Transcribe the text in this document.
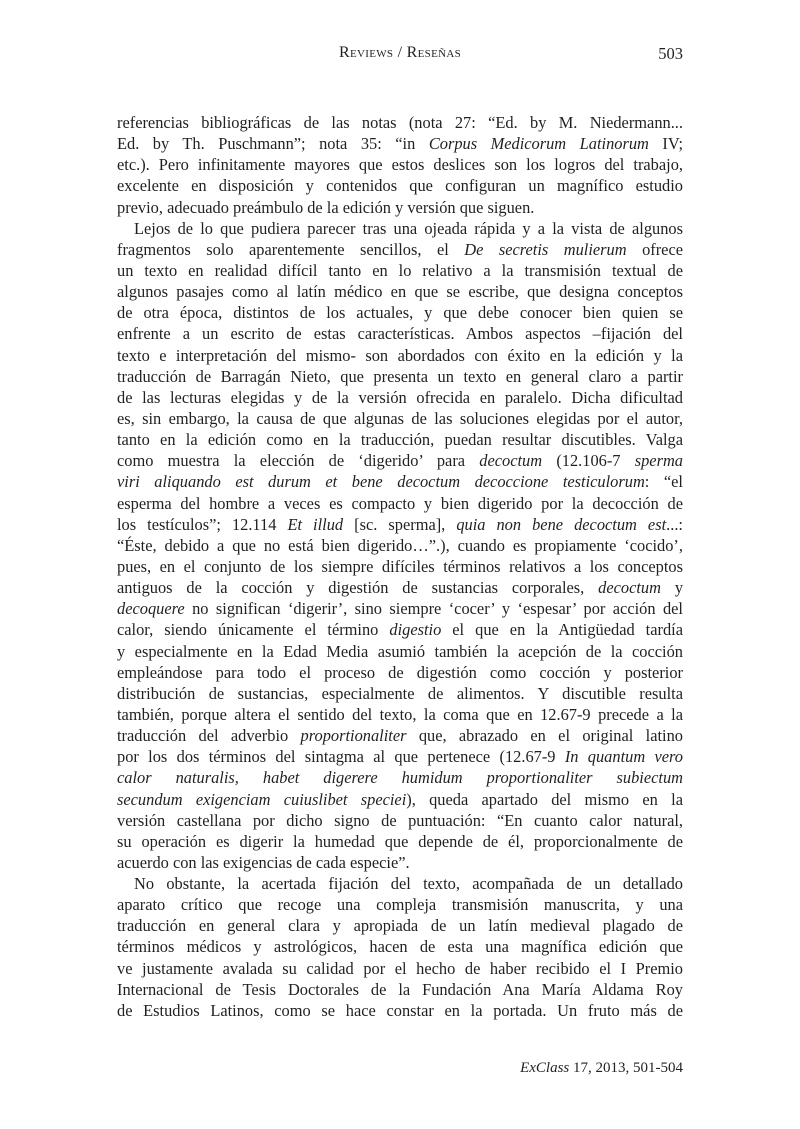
Reviews / Reseñas	503
referencias bibliográficas de las notas (nota 27: “Ed. by M. Niedermann...
Ed. by Th. Puschmann”; nota 35: “in Corpus Medicorum Latinorum IV;
etc.). Pero infinitamente mayores que estos deslices son los logros del trabajo,
excelente en disposición y contenidos que configuran un magnífico estudio
previo, adecuado preámbulo de la edición y versión que siguen.
Lejos de lo que pudiera parecer tras una ojeada rápida y a la vista de algunos
fragmentos solo aparentemente sencillos, el De secretis mulierum ofrece
un texto en realidad difícil tanto en lo relativo a la transmisión textual de
algunos pasajes como al latín médico en que se escribe, que designa conceptos
de otra época, distintos de los actuales, y que debe conocer bien quien se
enfrente a un escrito de estas características. Ambos aspectos –fijación del
texto e interpretación del mismo- son abordados con éxito en la edición y la
traducción de Barragán Nieto, que presenta un texto en general claro a partir
de las lecturas elegidas y de la versión ofrecida en paralelo. Dicha dificultad
es, sin embargo, la causa de que algunas de las soluciones elegidas por el autor,
tanto en la edición como en la traducción, puedan resultar discutibles. Valga
como muestra la elección de ‘digerido’ para decoctum (12.106-7 sperma
viri aliquando est durum et bene decoctum decoccione testiculorum: “el
esperma del hombre a veces es compacto y bien digerido por la decocción de
los testículos”; 12.114 Et illud [sc. sperma], quia non bene decoctum est...:
“Éste, debido a que no está bien digerido…”.), cuando es propiamente ‘cocido’,
pues, en el conjunto de los siempre difíciles términos relativos a los conceptos
antiguos de la cocción y digestión de sustancias corporales, decoctum y
decoquere no significan ‘digerir’, sino siempre ‘cocer’ y ‘espesar’ por acción del
calor, siendo únicamente el término digestio el que en la Antigüedad tardía
y especialmente en la Edad Media asumió también la acepción de la cocción
empleándose para todo el proceso de digestión como cocción y posterior
distribución de sustancias, especialmente de alimentos. Y discutible resulta
también, porque altera el sentido del texto, la coma que en 12.67-9 precede a la
traducción del adverbio proportionaliter que, abrazado en el original latino
por los dos términos del sintagma al que pertenece (12.67-9 In quantum vero
calor naturalis, habet digerere humidum proportionaliter subiectum
secundum exigenciam cuiuslibet speciei), queda apartado del mismo en la
versión castellana por dicho signo de puntuación: “En cuanto calor natural,
su operación es digerir la humedad que depende de él, proporcionalmente de
acuerdo con las exigencias de cada especie”.
No obstante, la acertada fijación del texto, acompañada de un detallado
aparato crítico que recoge una compleja transmisión manuscrita, y una
traducción en general clara y apropiada de un latín medieval plagado de
términos médicos y astrológicos, hacen de esta una magnífica edición que
ve justamente avalada su calidad por el hecho de haber recibido el I Premio
Internacional de Tesis Doctorales de la Fundación Ana María Aldama Roy
de Estudios Latinos, como se hace constar en la portada. Un fruto más de
ExClass 17, 2013, 501-504
